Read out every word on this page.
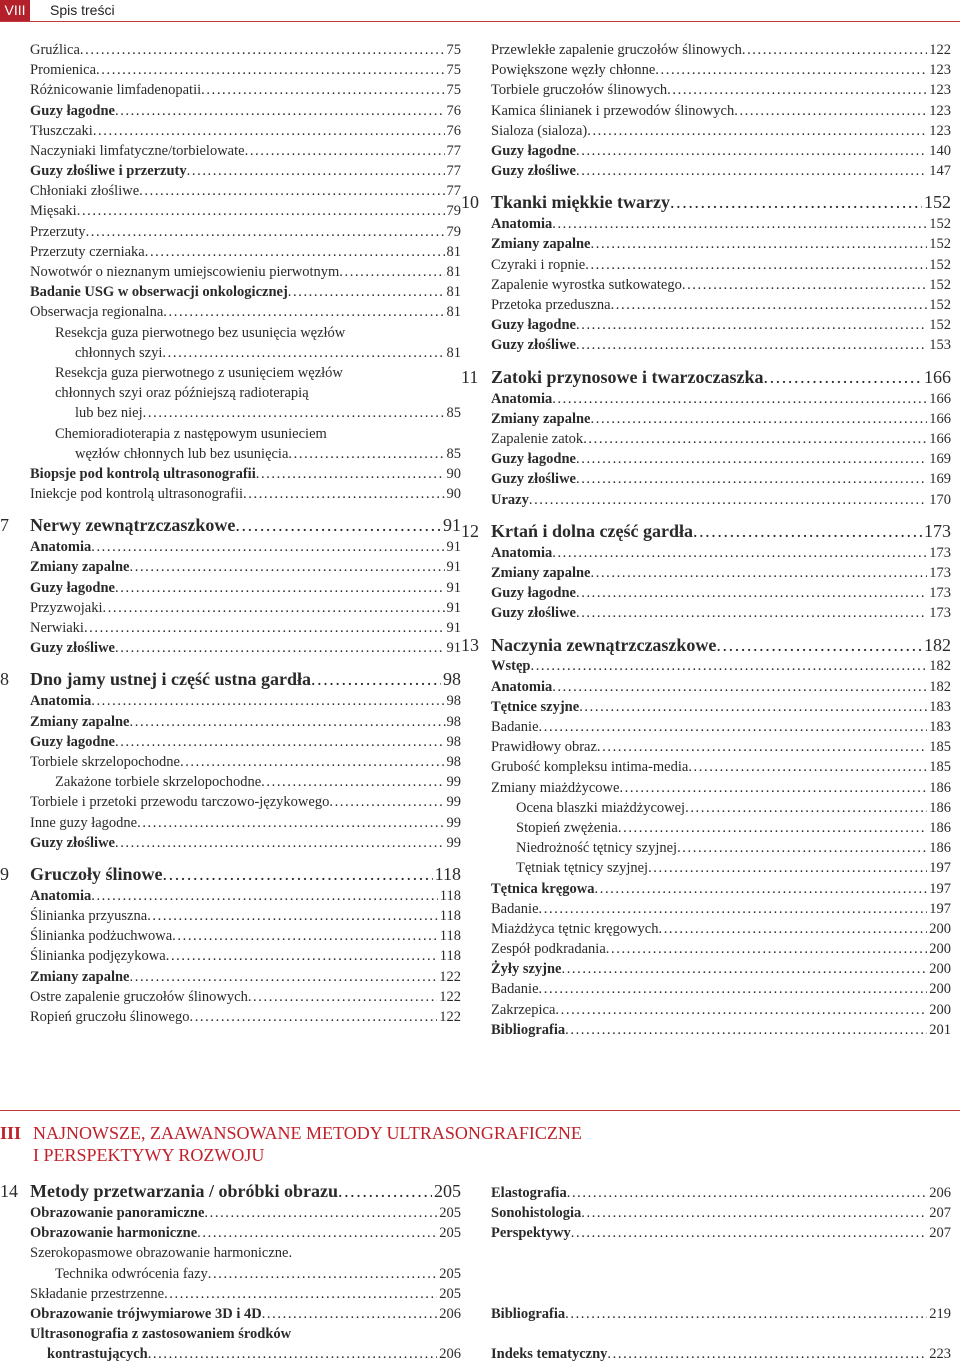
VIII	Spis treści
Gruźlica .....	75
Promienica .....	75
Różnicowanie limfadenopatii .....	75
Guzy łagodne .....	76
Tłuszczaki .....	76
Naczyniaki limfatyczne/torbielowate .....	77
Guzy złośliwe i przerzuty .....	77
Chłoniaki złośliwe .....	77
Mięsaki .....	79
Przerzuty .....	79
Przerzuty czerniaka .....	81
Nowotwór o nieznanym umiejscowieniu pierwotnym .....	81
Badanie USG w obserwacji onkologicznej .....	81
Obserwacja regionalna .....	81
Resekcja guza pierwotnego bez usunięcia węzłów
chłonnych szyi .....	81
Resekcja guza pierwotnego z usunięciem węzłów
chłonnych szyi oraz późniejszą radioterapią
lub bez niej .....	85
Chemioradioterapia z następowym usunieciem
węzłów chłonnych lub bez usunięcia .....	85
Biopsje pod kontrolą ultrasonografii .....	90
Iniekcje pod kontrolą ultrasonografii .....	90
7	Nerwy zewnątrzczaszkowe .....	91
Anatomia .....	91
Zmiany zapalne .....	91
Guzy łagodne .....	91
Przyzwojaki .....	91
Nerwiaki .....	91
Guzy złośliwe .....	91
8	Dno jamy ustnej i część ustna gardła .....	98
Anatomia .....	98
Zmiany zapalne .....	.98
Guzy łagodne .....	98
Torbiele skrzelopochodne .....	98
Zakażone torbiele skrzelopochodne .....	99
Torbiele i przetoki przewodu tarczowo-językowego .....	99
Inne guzy łagodne .....	99
Guzy złośliwe .....	99
9	Gruczoły ślinowe .....	118
Anatomia .....	118
Ślinianka przyuszna .....	118
Ślinianka podżuchwowa .....	118
Ślinianka podjęzykowa .....	118
Zmiany zapalne .....	122
Ostre zapalenie gruczołów ślinowych .....	122
Ropień gruczołu ślinowego .....	122
Przewlekłe zapalenie gruczołów ślinowych .....	122
Powiększone węzły chłonne .....	123
Torbiele gruczołów ślinowych .....	123
Kamica ślinianek i przewodów ślinowych .....	123
Sialoza (sialoza) .....	123
Guzy łagodne .....	140
Guzy złośliwe .....	147
10 Tkanki miękkie twarzy .....	152
Anatomia .....	152
Zmiany zapalne .....	152
Czyraki i ropnie .....	152
Zapalenie wyrostka sutkowatego .....	152
Przetoka przeduszna .....	152
Guzy łagodne .....	152
Guzy złośliwe .....	153
11 Zatoki przynosowe i twarzoczaszka .....	166
Anatomia .....	166
Zmiany zapalne .....	166
Zapalenie zatok .....	166
Guzy łagodne .....	169
Guzy złośliwe .....	169
Urazy .....	170
12 Krtań i dolna część gardła .....	173
Anatomia .....	173
Zmiany zapalne .....	173
Guzy łagodne .....	173
Guzy złośliwe .....	173
13 Naczynia zewnątrzczaszkowe .....	182
Wstęp .....	182
Anatomia .....	182
Tętnice szyjne .....	183
Badanie .....	183
Prawidłowy obraz .....	185
Grubość kompleksu intima-media .....	185
Zmiany miażdżycowe .....	186
Ocena blaszki miażdżycowej .....	186
Stopień zwężenia .....	186
Niedrożność tętnicy szyjnej .....	186
Tętniak tętnicy szyjnej .....	197
Tętnica kręgowa .....	197
Badanie .....	197
Miażdżyca tętnic kręgowych .....	200
Zespół podkradania .....	200
Żyły szyjne .....	200
Badanie .....	200
Zakrzepica .....	200
Bibliografia .....	201
III NAJNOWSZE, ZAAWANSOWANE METODY ULTRASONGRAFICZNE
I PERSPEKTYWY ROZWOJU
14 Metody przetwarzania / obróbki obrazu .....	205
Obrazowanie panoramiczne .....	205
Obrazowanie harmoniczne .....	205
Szerokopasmowe obrazowanie harmoniczne.
Technika odwrócenia fazy .....	205
Składanie przestrzenne .....	205
Obrazowanie trójwymiarowe 3D i 4D .....	206
Ultrasonografia z zastosowaniem środków
kontrastujących .....	206
Elastografia .....	206
Sonohistologia .....	207
Perspektywy .....	207
Bibliografia .....	219
Indeks tematyczny .....	223
